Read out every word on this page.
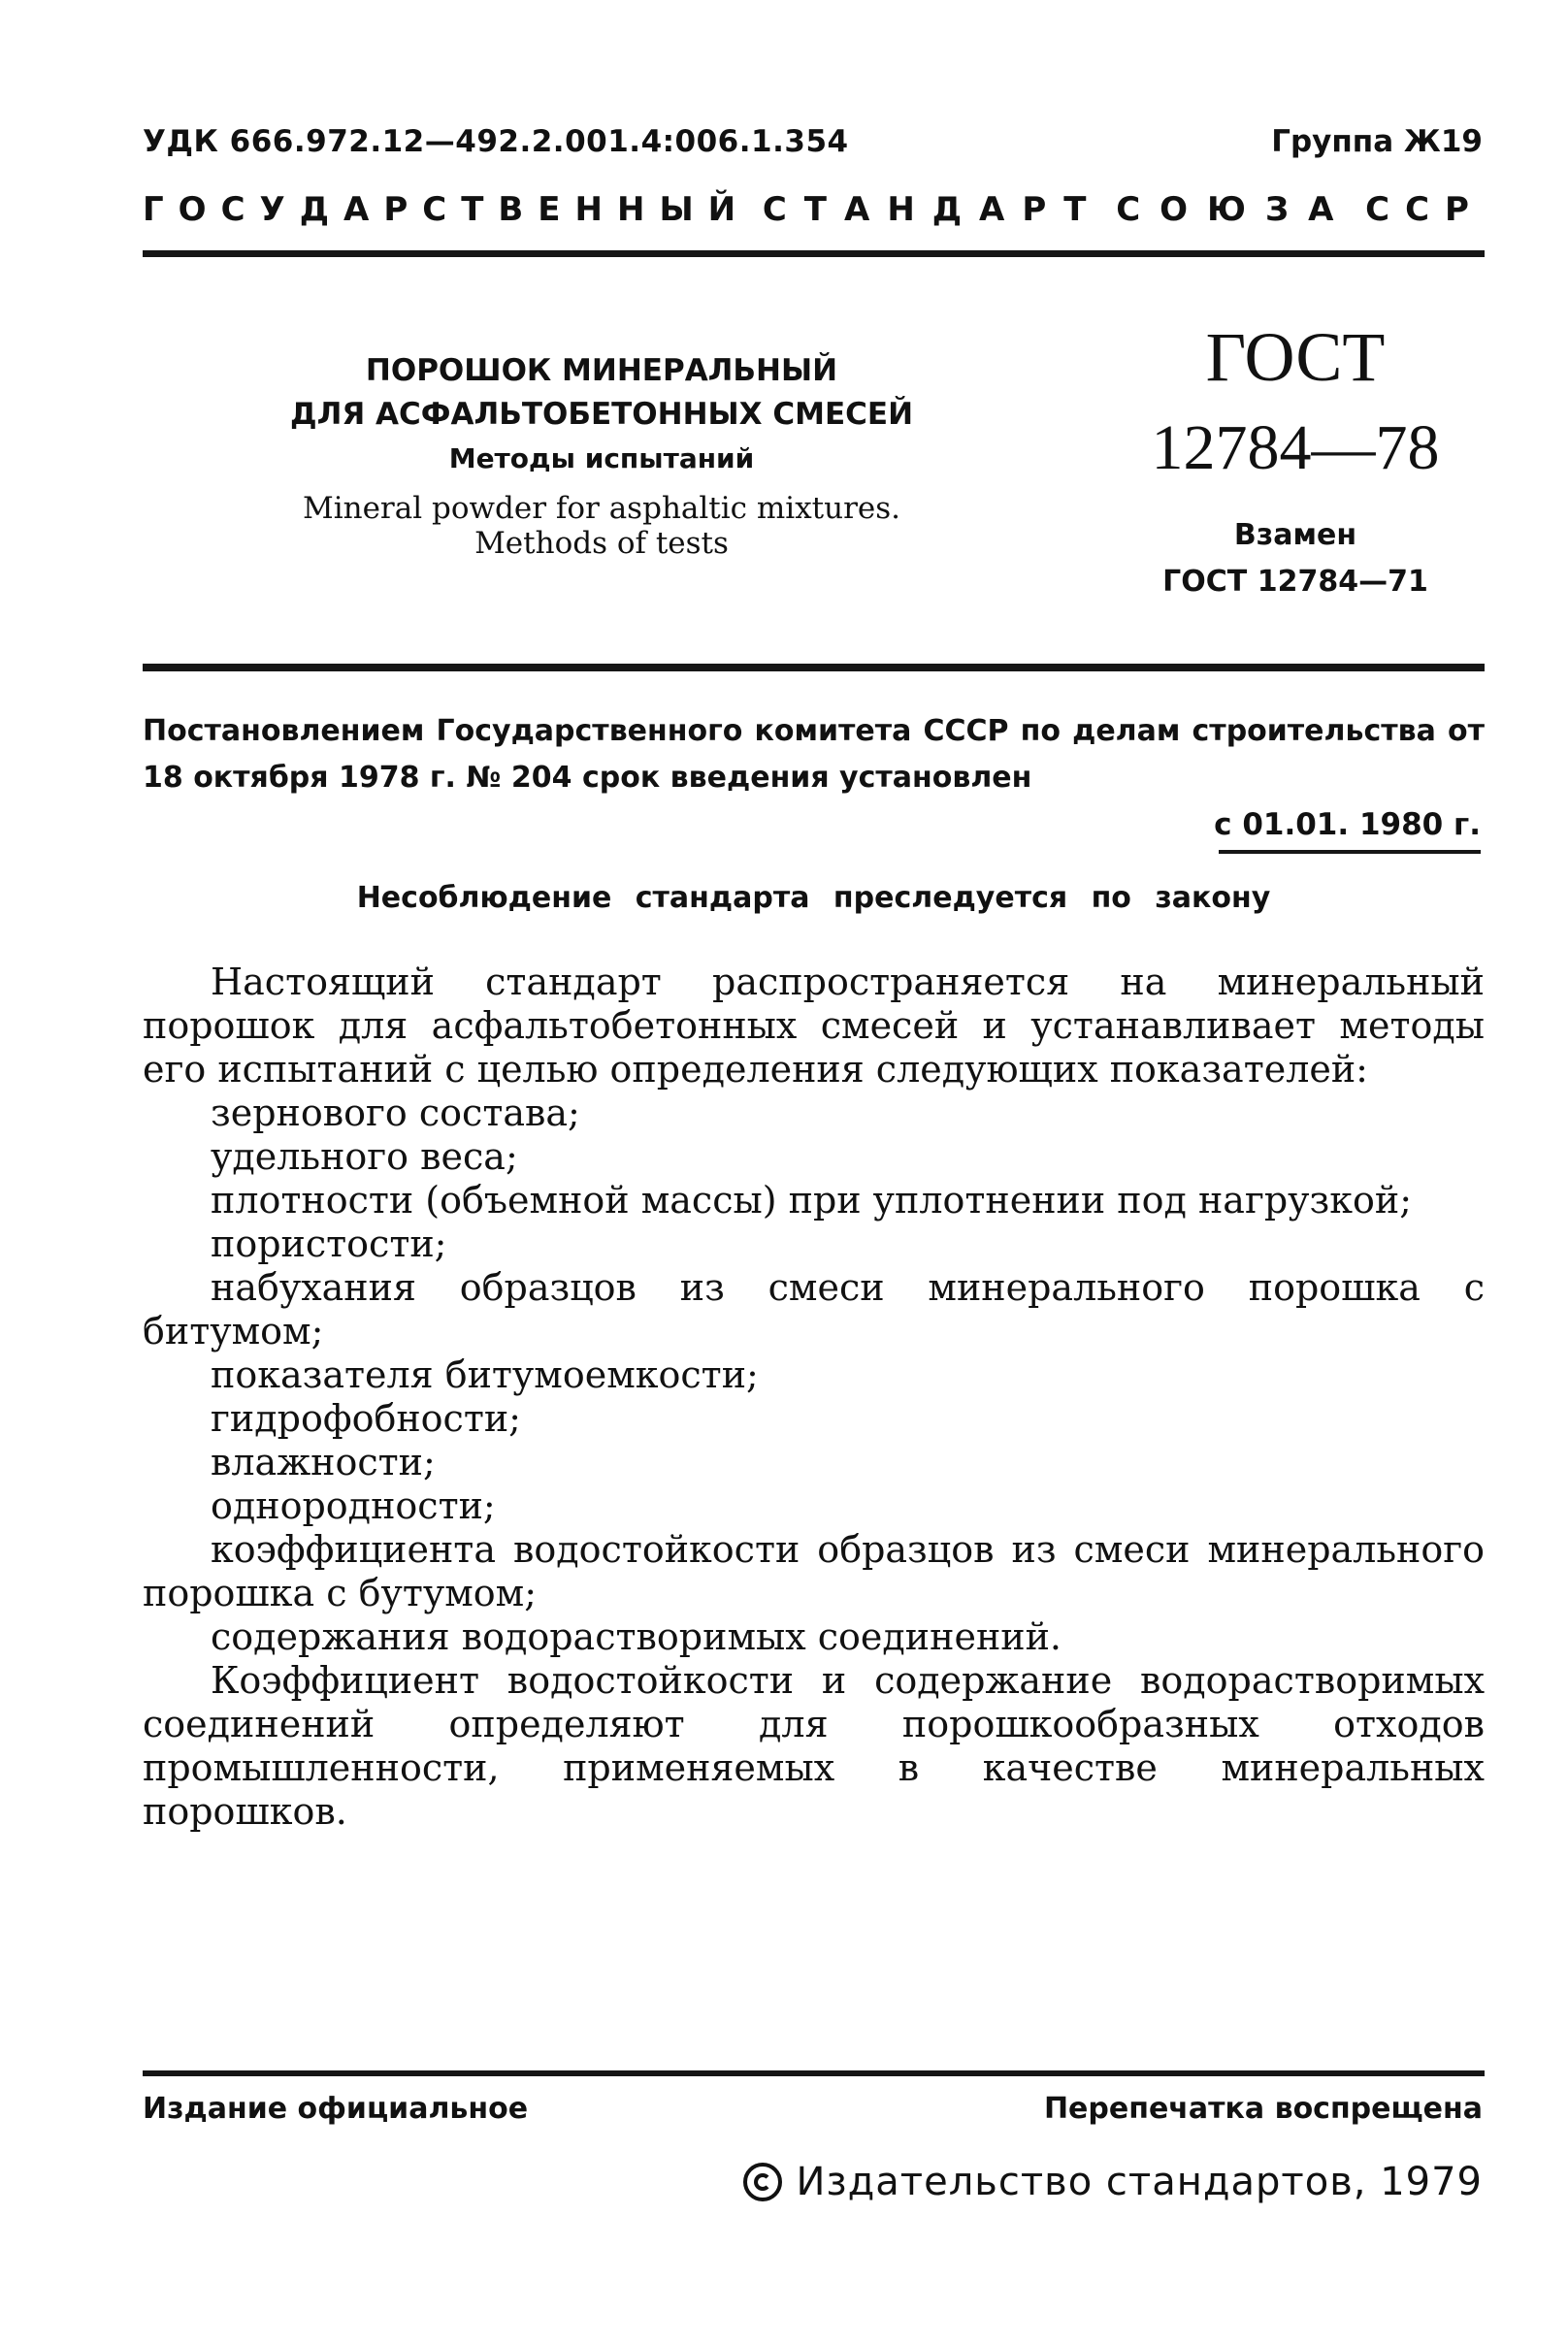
УДК 666.972.12—492.2.001.4:006.1.354	Группа Ж19
ГОСУДАРСТВЕННЫЙ СТАНДАРТ СОЮЗА ССР
ПОРОШОК МИНЕРАЛЬНЫЙ
ДЛЯ АСФАЛЬТОБЕТОННЫХ СМЕСЕЙ
Методы испытаний
Mineral powder for asphaltic mixtures.
Methods of tests
ГОСТ
12784—78
Взамен
ГОСТ 12784—71
Постановлением Государственного комитета СССР по делам строительства от
18 октября 1978 г. № 204 срок введения установлен
с 01.01. 1980 г.
Несоблюдение стандарта преследуется по закону

Настоящий стандарт распространяется на минеральный порошок для асфальтобетонных смесей и устанавливает методы его испытаний с целью определения следующих показателей:

зернового состава;

удельного веса;

плотности (объемной массы) при уплотнении под нагрузкой;

пористости;

набухания образцов из смеси минерального порошка с битумом;

показателя битумоемкости;

гидрофобности;

влажности;

однородности;

коэффициента водостойкости образцов из смеси минерального порошка с бутумом;

содержания водорастворимых соединений.

Коэффициент водостойкости и содержание водорастворимых соединений определяют для порошкообразных отходов промышленности, применяемых в качестве минеральных порошков.

Издание официальное	Перепечатка воспрещена
Издательство стандартов, 1979
